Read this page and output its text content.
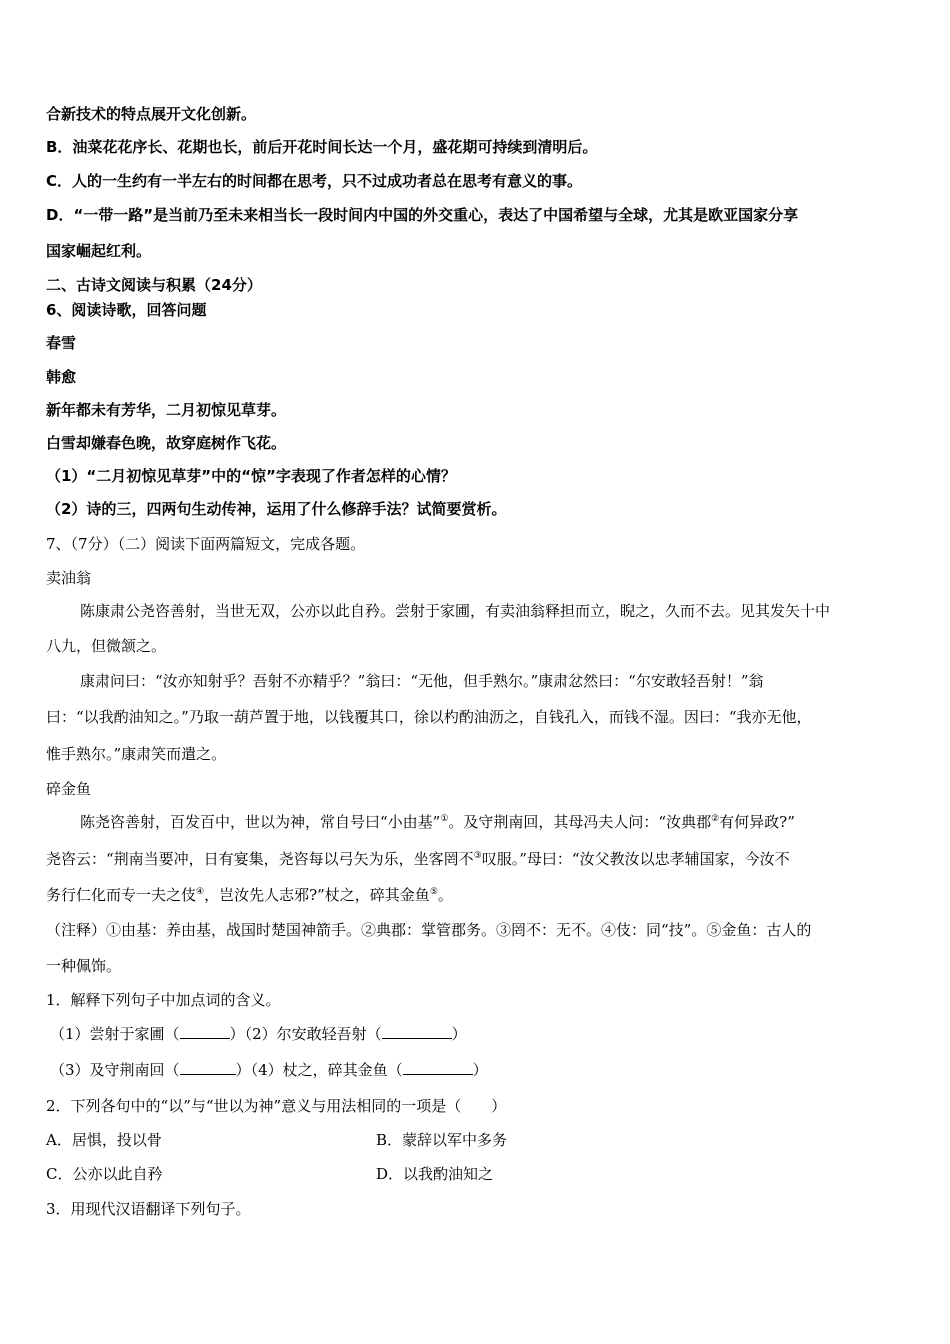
合新技术的特点展开文化创新。
B．油菜花花序长、花期也长，前后开花时间长达一个月，盛花期可持续到清明后。
C．人的一生约有一半左右的时间都在思考，只不过成功者总在思考有意义的事。
D．“一带一路”是当前乃至未来相当长一段时间内中国的外交重心，表达了中国希望与全球，尤其是欧亚国家分享
国家崛起红利。
二、古诗文阅读与积累（24分）
6、阅读诗歌，回答问题
春雪
韩愈
新年都未有芳华，二月初惊见草芽。
白雪却嫌春色晚，故穿庭树作飞花。
（1）“二月初惊见草芽”中的“惊”字表现了作者怎样的心情？
（2）诗的三，四两句生动传神，运用了什么修辞手法？试简要赏析。
7、（7分）（二）阅读下面两篇短文，完成各题。
卖油翁
陈康肃公尧咨善射，当世无双，公亦以此自矜。尝射于家圃，有卖油翁释担而立，睨之，久而不去。见其发矢十中
八九，但微颔之。
康肃问曰：“汝亦知射乎？吾射不亦精乎？”翁曰：“无他，但手熟尔。”康肃忿然曰：“尔安敢轻吾射！”翁
曰：“以我酌油知之。”乃取一葫芦置于地，以钱覆其口，徐以杓酌油沥之，自钱孔入，而钱不湿。因曰：“我亦无他，
惟手熟尔。”康肃笑而遣之。
碎金鱼
陈尧咨善射，百发百中，世以为神，常自号曰“小由基”①。及守荆南回，其母冯夫人问：“汝典郡②有何异政?”
尧咨云：“荆南当要冲，日有宴集，尧咨每以弓矢为乐，坐客罔不③叹服。”母曰：“汝父教汝以忠孝辅国家，今汝不
务行仁化而专一夫之伎④，岂汝先人志邪?”杖之，碎其金鱼⑤。
（注释）①由基：养由基，战国时楚国神箭手。②典郡：掌管郡务。③罔不：无不。④伎：同“技”。⑤金鱼：古人的
一种佩饰。
1．解释下列句子中加点词的含义。
（1）尝射于家圃（	）（2）尔安敢轻吾射（	）
（3）及守荆南回（	）（4）杖之，碎其金鱼（	）
2．下列各句中的“以”与“世以为神”意义与用法相同的一项是（　　）
A．居惧，投以骨	B．蒙辞以军中多务
C．公亦以此自矜	D．以我酌油知之
3．用现代汉语翻译下列句子。
